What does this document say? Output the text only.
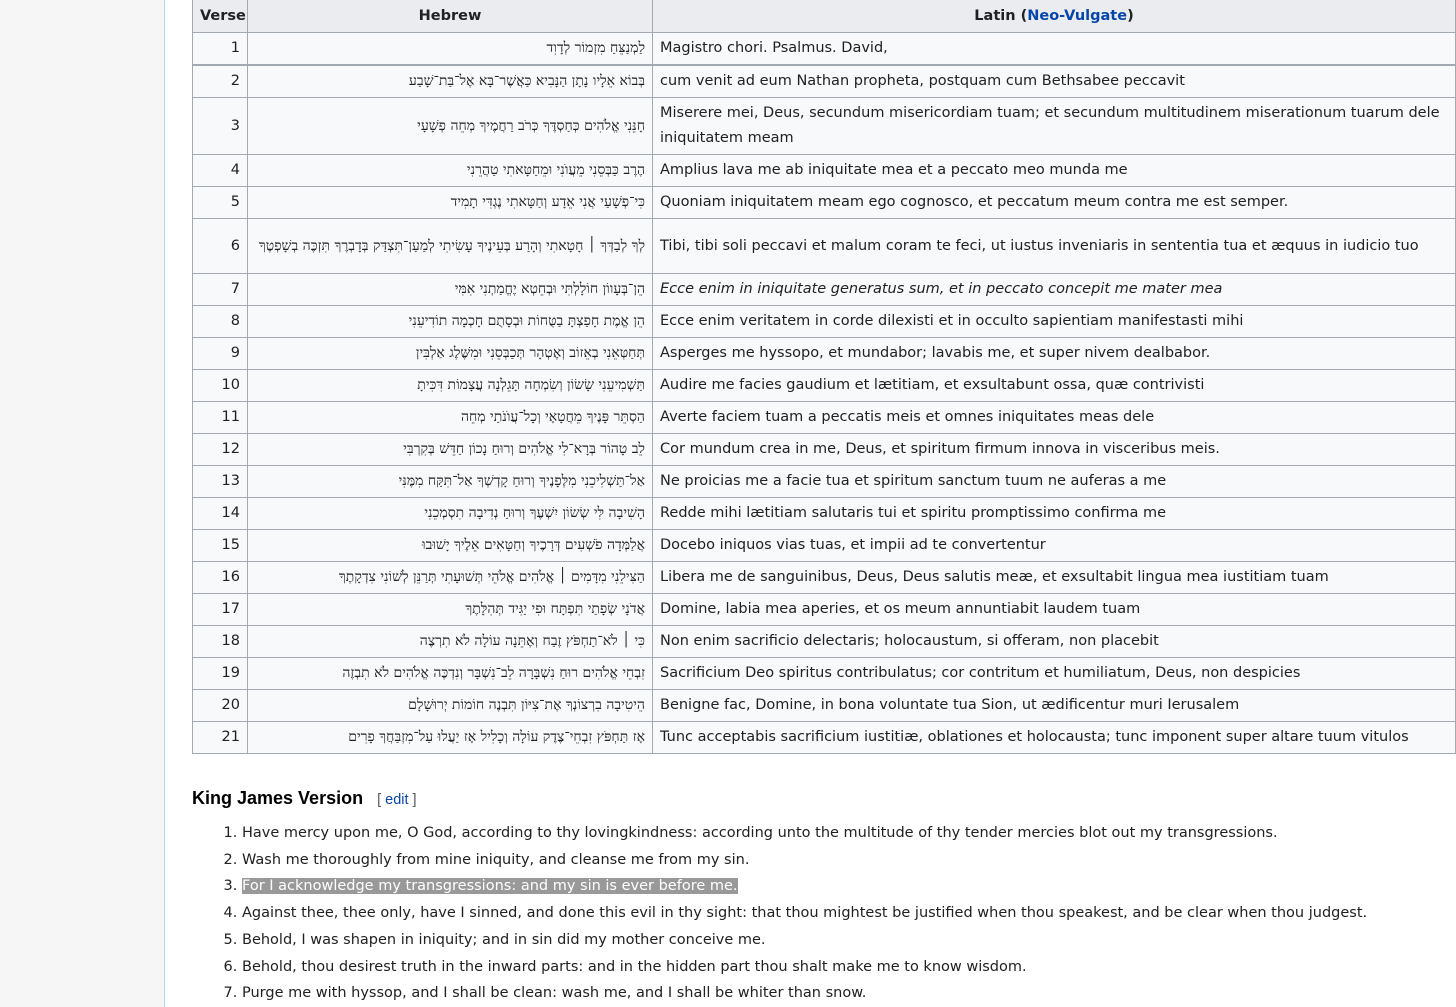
Verse	Hebrew	Latin (Neo-Vulgate)
1	לַמְנַצֵּחַ מִזְמוֹר לְדָוִד	Magistro chori. Psalmus. David,
2	בְּבוֹא אֵלָיו נָתָן הַנָּבִיא כַּאֲשֶׁר־בָּא אֶל־בַּת־שָׁבַע	cum venit ad eum Nathan propheta, postquam cum Bethsabee peccavit
3	חָנֵּנִי אֱלֹהִים כְּחַסְדֶּךָ כְּרֹב רַחֲמֶיךָ מְחֵה פְשָׁעָי	Miserere mei, Deus, secundum misericordiam tuam; et secundum multitudinem miserationum tuarum dele iniquitatem meam
4	הֶרֶב כַּבְּסֵנִי מֵעֲוֺנִי וּמֵחַטָּאתִי טַהֲרֵנִי	Amplius lava me ab iniquitate mea et a peccato meo munda me
5	כִּי־פְשָׁעַי אֲנִי אֵדָע וְחַטָּאתִי נֶגְדִּי תָמִיד	Quoniam iniquitatem meam ego cognosco, et peccatum meum contra me est semper.
6	לְךָ לְבַדְּךָ ׀ חָטָאתִי וְהָרַע בְּעֵינֶיךָ עָשִׂיתִי לְמַעַן־תִּצְדַּק בְּדָבְרֶךָ תִּזְכֶּה בְשָׁפְטֶךָ	Tibi, tibi soli peccavi et malum coram te feci, ut iustus inveniaris in sententia tua et æquus in iudicio tuo
7	הֵן־בְּעָווֹן חוֹלָלְתִּי וּבְחֵטְא יֶחֱמַתְנִי אִמִּי	Ecce enim in iniquitate generatus sum, et in peccato concepit me mater mea
8	הֵן אֱמֶת חָפַצְתָּ בַטֻּחוֹת וּבְסָתֻם חָכְמָה תוֹדִיעֵנִי	Ecce enim veritatem in corde dilexisti et in occulto sapientiam manifestasti mihi
9	תְּחַטְּאֵנִי בְאֵזוֹב וְאֶטְהָר תְּכַבְּסֵנִי וּמִשֶּׁלֶג אַלְבִּין	Asperges me hyssopo, et mundabor; lavabis me, et super nivem dealbabor.
10	תַּשְׁמִיעֵנִי שָׂשׂוֹן וְשִׂמְחָה תָּגֵלְנָה עֲצָמוֹת דִּכִּיתָ	Audire me facies gaudium et lætitiam, et exsultabunt ossa, quæ contrivisti
11	הַסְתֵּר פָּנֶיךָ מֵחֲטָאָי וְכָל־עֲוֺנֹתַי מְחֵה	Averte faciem tuam a peccatis meis et omnes iniquitates meas dele
12	לֵב טָהוֹר בְּרָא־לִי אֱלֹהִים וְרוּחַ נָכוֹן חַדֵּשׁ בְּקִרְבִּי	Cor mundum crea in me, Deus, et spiritum firmum innova in visceribus meis.
13	אַל־תַּשְׁלִיכֵנִי מִלְּפָנֶיךָ וְרוּחַ קָדְשְׁךָ אַל־תִּקַּח מִמֶּנִּי	Ne proicias me a facie tua et spiritum sanctum tuum ne auferas a me
14	הָשִׁיבָה לִּי שְׂשׂוֹן יִשְׁעֶךָ וְרוּחַ נְדִיבָה תִסְמְכֵנִי	Redde mihi lætitiam salutaris tui et spiritu promptissimo confirma me
15	אֲלַמְּדָה פֹשְׁעִים דְּרָכֶיךָ וְחַטָּאִים אֵלֶיךָ יָשׁוּבוּ	Docebo iniquos vias tuas, et impii ad te convertentur
16	הַצִּילֵנִי מִדָּמִים ׀ אֱלֹהִים אֱלֹהֵי תְּשׁוּעָתִי תְּרַנֵּן לְשׁוֹנִי צִדְקָתֶךָ	Libera me de sanguinibus, Deus, Deus salutis meæ, et exsultabit lingua mea iustitiam tuam
17	אֲדֹנָי שְׂפָתַי תִּפְתָּח וּפִי יַגִּיד תְּהִלָּתֶךָ	Domine, labia mea aperies, et os meum annuntiabit laudem tuam
18	כִּי ׀ לֹא־תַחְפֹּץ זֶבַח וְאֶתֵּנָה עוֹלָה לֹא תִרְצֶה	Non enim sacrificio delectaris; holocaustum, si offeram, non placebit
19	זִבְחֵי אֱלֹהִים רוּחַ נִשְׁבָּרָה לֵב־נִשְׁבָּר וְנִדְכֶּה אֱלֹהִים לֹא תִבְזֶה	Sacrificium Deo spiritus contribulatus; cor contritum et humiliatum, Deus, non despicies
20	הֵיטִיבָה בִרְצוֹנְךָ אֶת־צִיּוֹן תִּבְנֶה חוֹמוֹת יְרוּשָׁלָם	Benigne fac, Domine, in bona voluntate tua Sion, ut ædificentur muri Ierusalem
21	אָז תַּחְפֹּץ זִבְחֵי־צֶדֶק עוֹלָה וְכָלִיל אָז יַעֲלוּ עַל־מִזְבַּחֲךָ פָרִים	Tunc acceptabis sacrificium iustitiæ, oblationes et holocausta; tunc imponent super altare tuum vitulos
King James Version [ edit ]
1. Have mercy upon me, O God, according to thy lovingkindness: according unto the multitude of thy tender mercies blot out my transgressions.
2. Wash me thoroughly from mine iniquity, and cleanse me from my sin.
3. For I acknowledge my transgressions: and my sin is ever before me.
4. Against thee, thee only, have I sinned, and done this evil in thy sight: that thou mightest be justified when thou speakest, and be clear when thou judgest.
5. Behold, I was shapen in iniquity; and in sin did my mother conceive me.
6. Behold, thou desirest truth in the inward parts: and in the hidden part thou shalt make me to know wisdom.
7. Purge me with hyssop, and I shall be clean: wash me, and I shall be whiter than snow.
